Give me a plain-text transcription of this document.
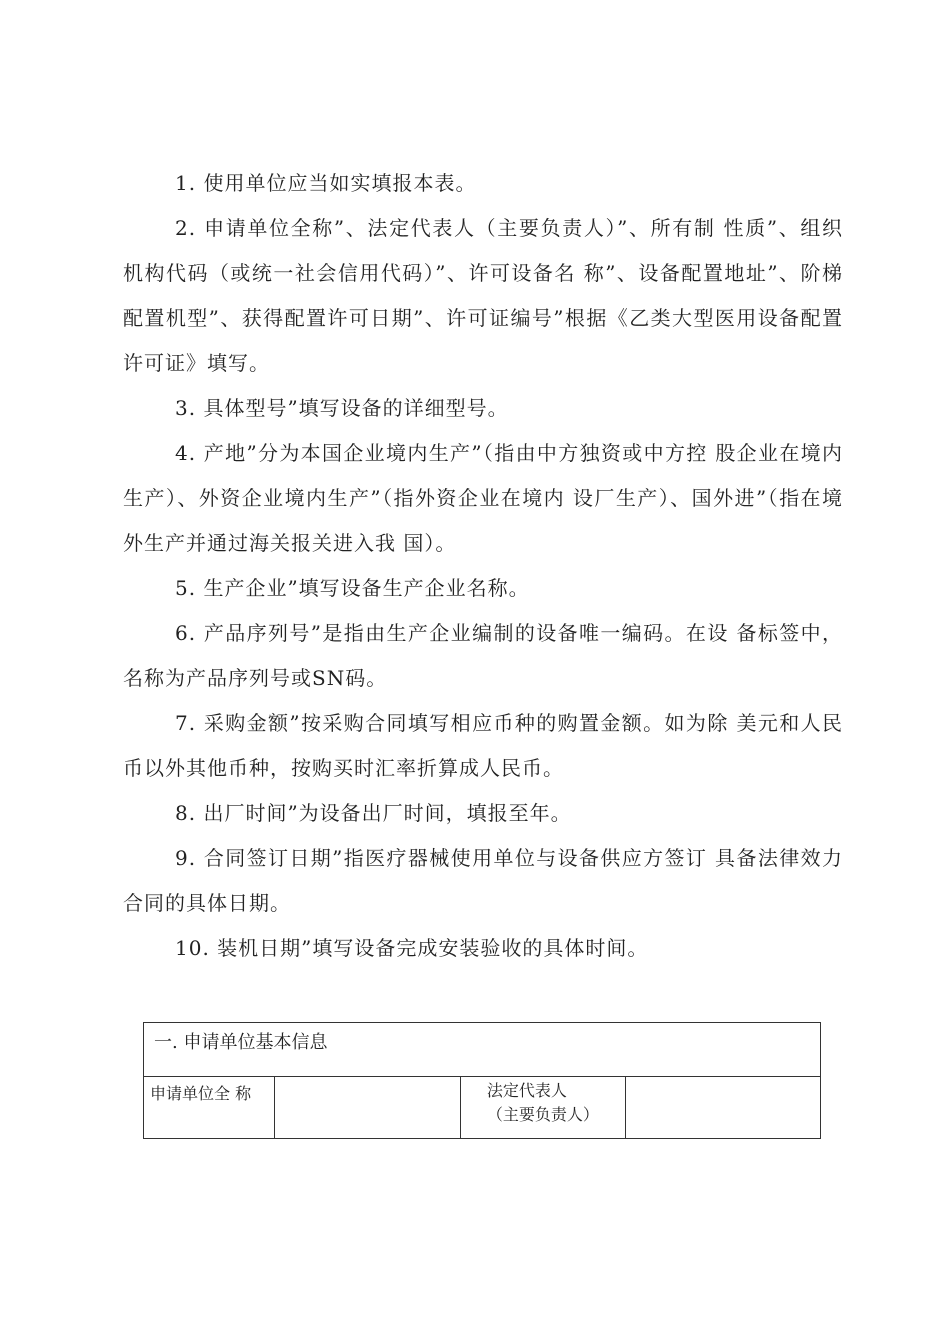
1. 使用单位应当如实填报本表。

2. 申请单位全称”、法定代表人（主要负责人）”、所有制 性质”、组织机构代码（或统一社会信用代码）”、许可设备名 称”、设备配置地址”、阶梯配置机型”、获得配置许可日期”、许可证编号”根据《乙类大型医用设备配置许可证》填写。

3. 具体型号”填写设备的详细型号。

4. 产地”分为本国企业境内生产”（指由中方独资或中方控 股企业在境内生产）、外资企业境内生产”（指外资企业在境内 设厂生产）、国外进”（指在境外生产并通过海关报关进入我 国）。

5. 生产企业”填写设备生产企业名称。

6. 产品序列号”是指由生产企业编制的设备唯一编码。在设 备标签中，名称为产品序列号或SN码。

7. 采购金额”按采购合同填写相应币种的购置金额。如为除 美元和人民币以外其他币种，按购买时汇率折算成人民币。

8. 出厂时间”为设备出厂时间，填报至年。

9. 合同签订日期”指医疗器械使用单位与设备供应方签订 具备法律效力合同的具体日期。

10. 装机日期”填写设备完成安装验收的具体时间。

一. 申请单位基本信息
申请单位全 称		法定代表人
（主要负责人）
